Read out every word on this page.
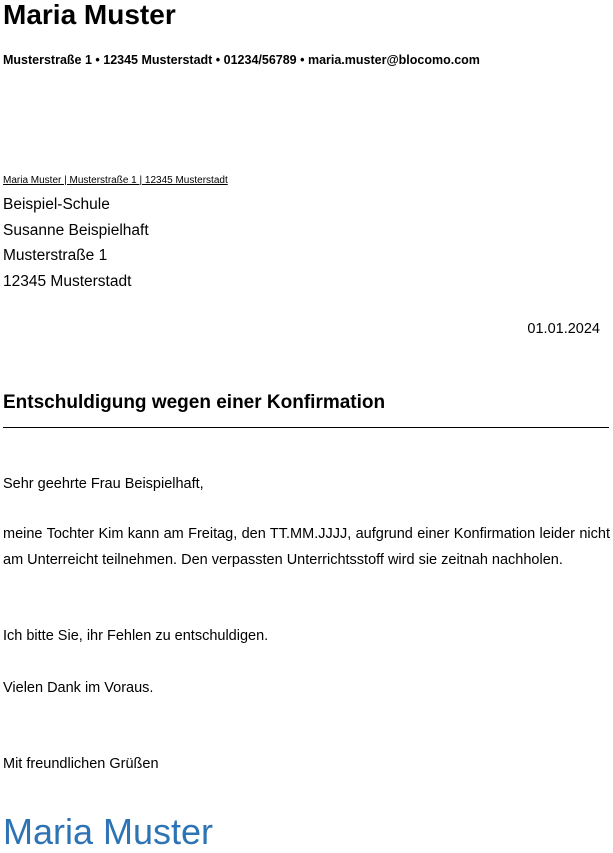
Maria Muster
Musterstraße 1 • 12345 Musterstadt • 01234/56789 • maria.muster@blocomo.com
Maria Muster | Musterstraße 1 | 12345 Musterstadt
Beispiel-Schule
Susanne Beispielhaft
Musterstraße 1
12345 Musterstadt
01.01.2024
Entschuldigung wegen einer Konfirmation
Sehr geehrte Frau Beispielhaft,
meine Tochter Kim kann am Freitag, den TT.MM.JJJJ, aufgrund einer Konfirmation leider nicht am Unterreicht teilnehmen. Den verpassten Unterrichtsstoff wird sie zeitnah nachholen.
Ich bitte Sie, ihr Fehlen zu entschuldigen.
Vielen Dank im Voraus.
Mit freundlichen Grüßen
Maria Muster
